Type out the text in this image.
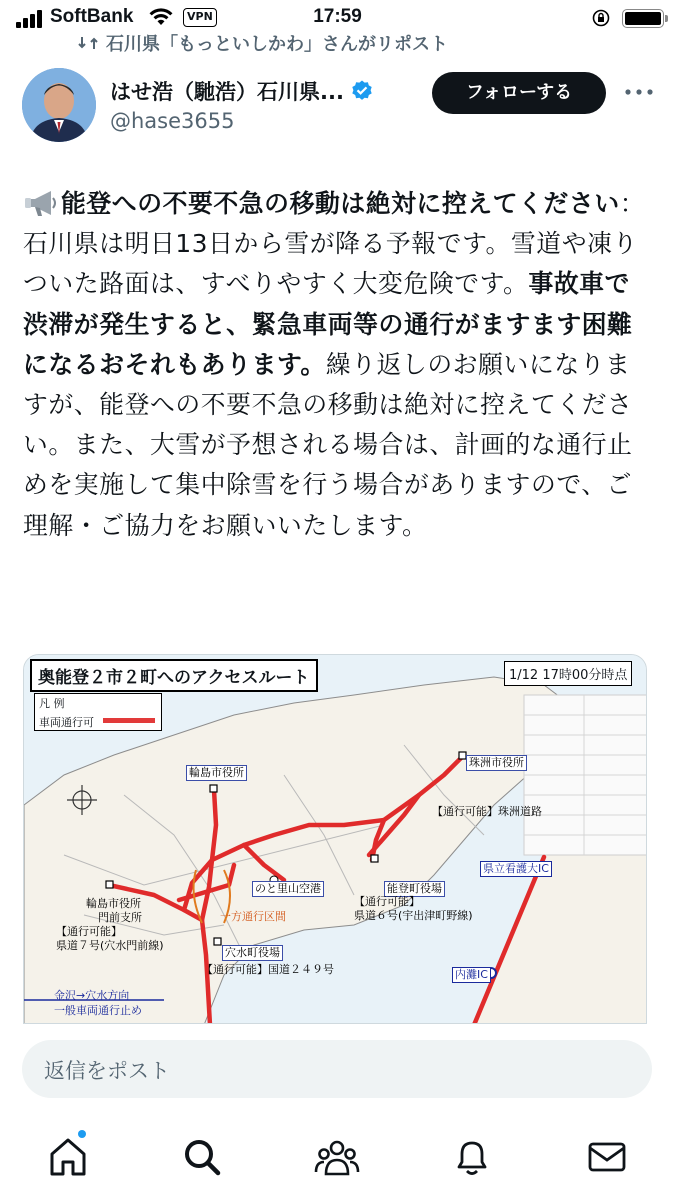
SoftBank	VPN	17:59
石川県「もっといしかわ」さんがリポスト
はせ浩（馳浩）石川県...
@hase3655
フォローする
能登への不要不急の移動は絶対に控えてください：石川県は明日13日から雪が降る予報です。雪道や凍りついた路面は、すべりやすく大変危険です。事故車で渋滞が発生すると、緊急車両等の通行がますます困難になるおそれもあります。繰り返しのお願いになりますが、能登への不要不急の移動は絶対に控えてください。また、大雪が予想される場合は、計画的な通行止めを実施して集中除雪を行う場合がありますので、ご理解・ご協力をお願いいたします。
奥能登２市２町へのアクセスルート	1/12 17時00分時点
凡 例
車両通行可
輪島市役所
珠洲市役所
【通行可能】珠洲道路
のと里山空港	能登町役場
【通行可能】
県道６号(宇出津町野線)
輪島市役所
門前支所
【通行可能】
県道７号(穴水門前線)
一方通行区間
穴水町役場
【通行可能】国道２４９号
県立看護大IC
内灘IC
金沢→穴水方向
一般車両通行止め
返信をポスト
